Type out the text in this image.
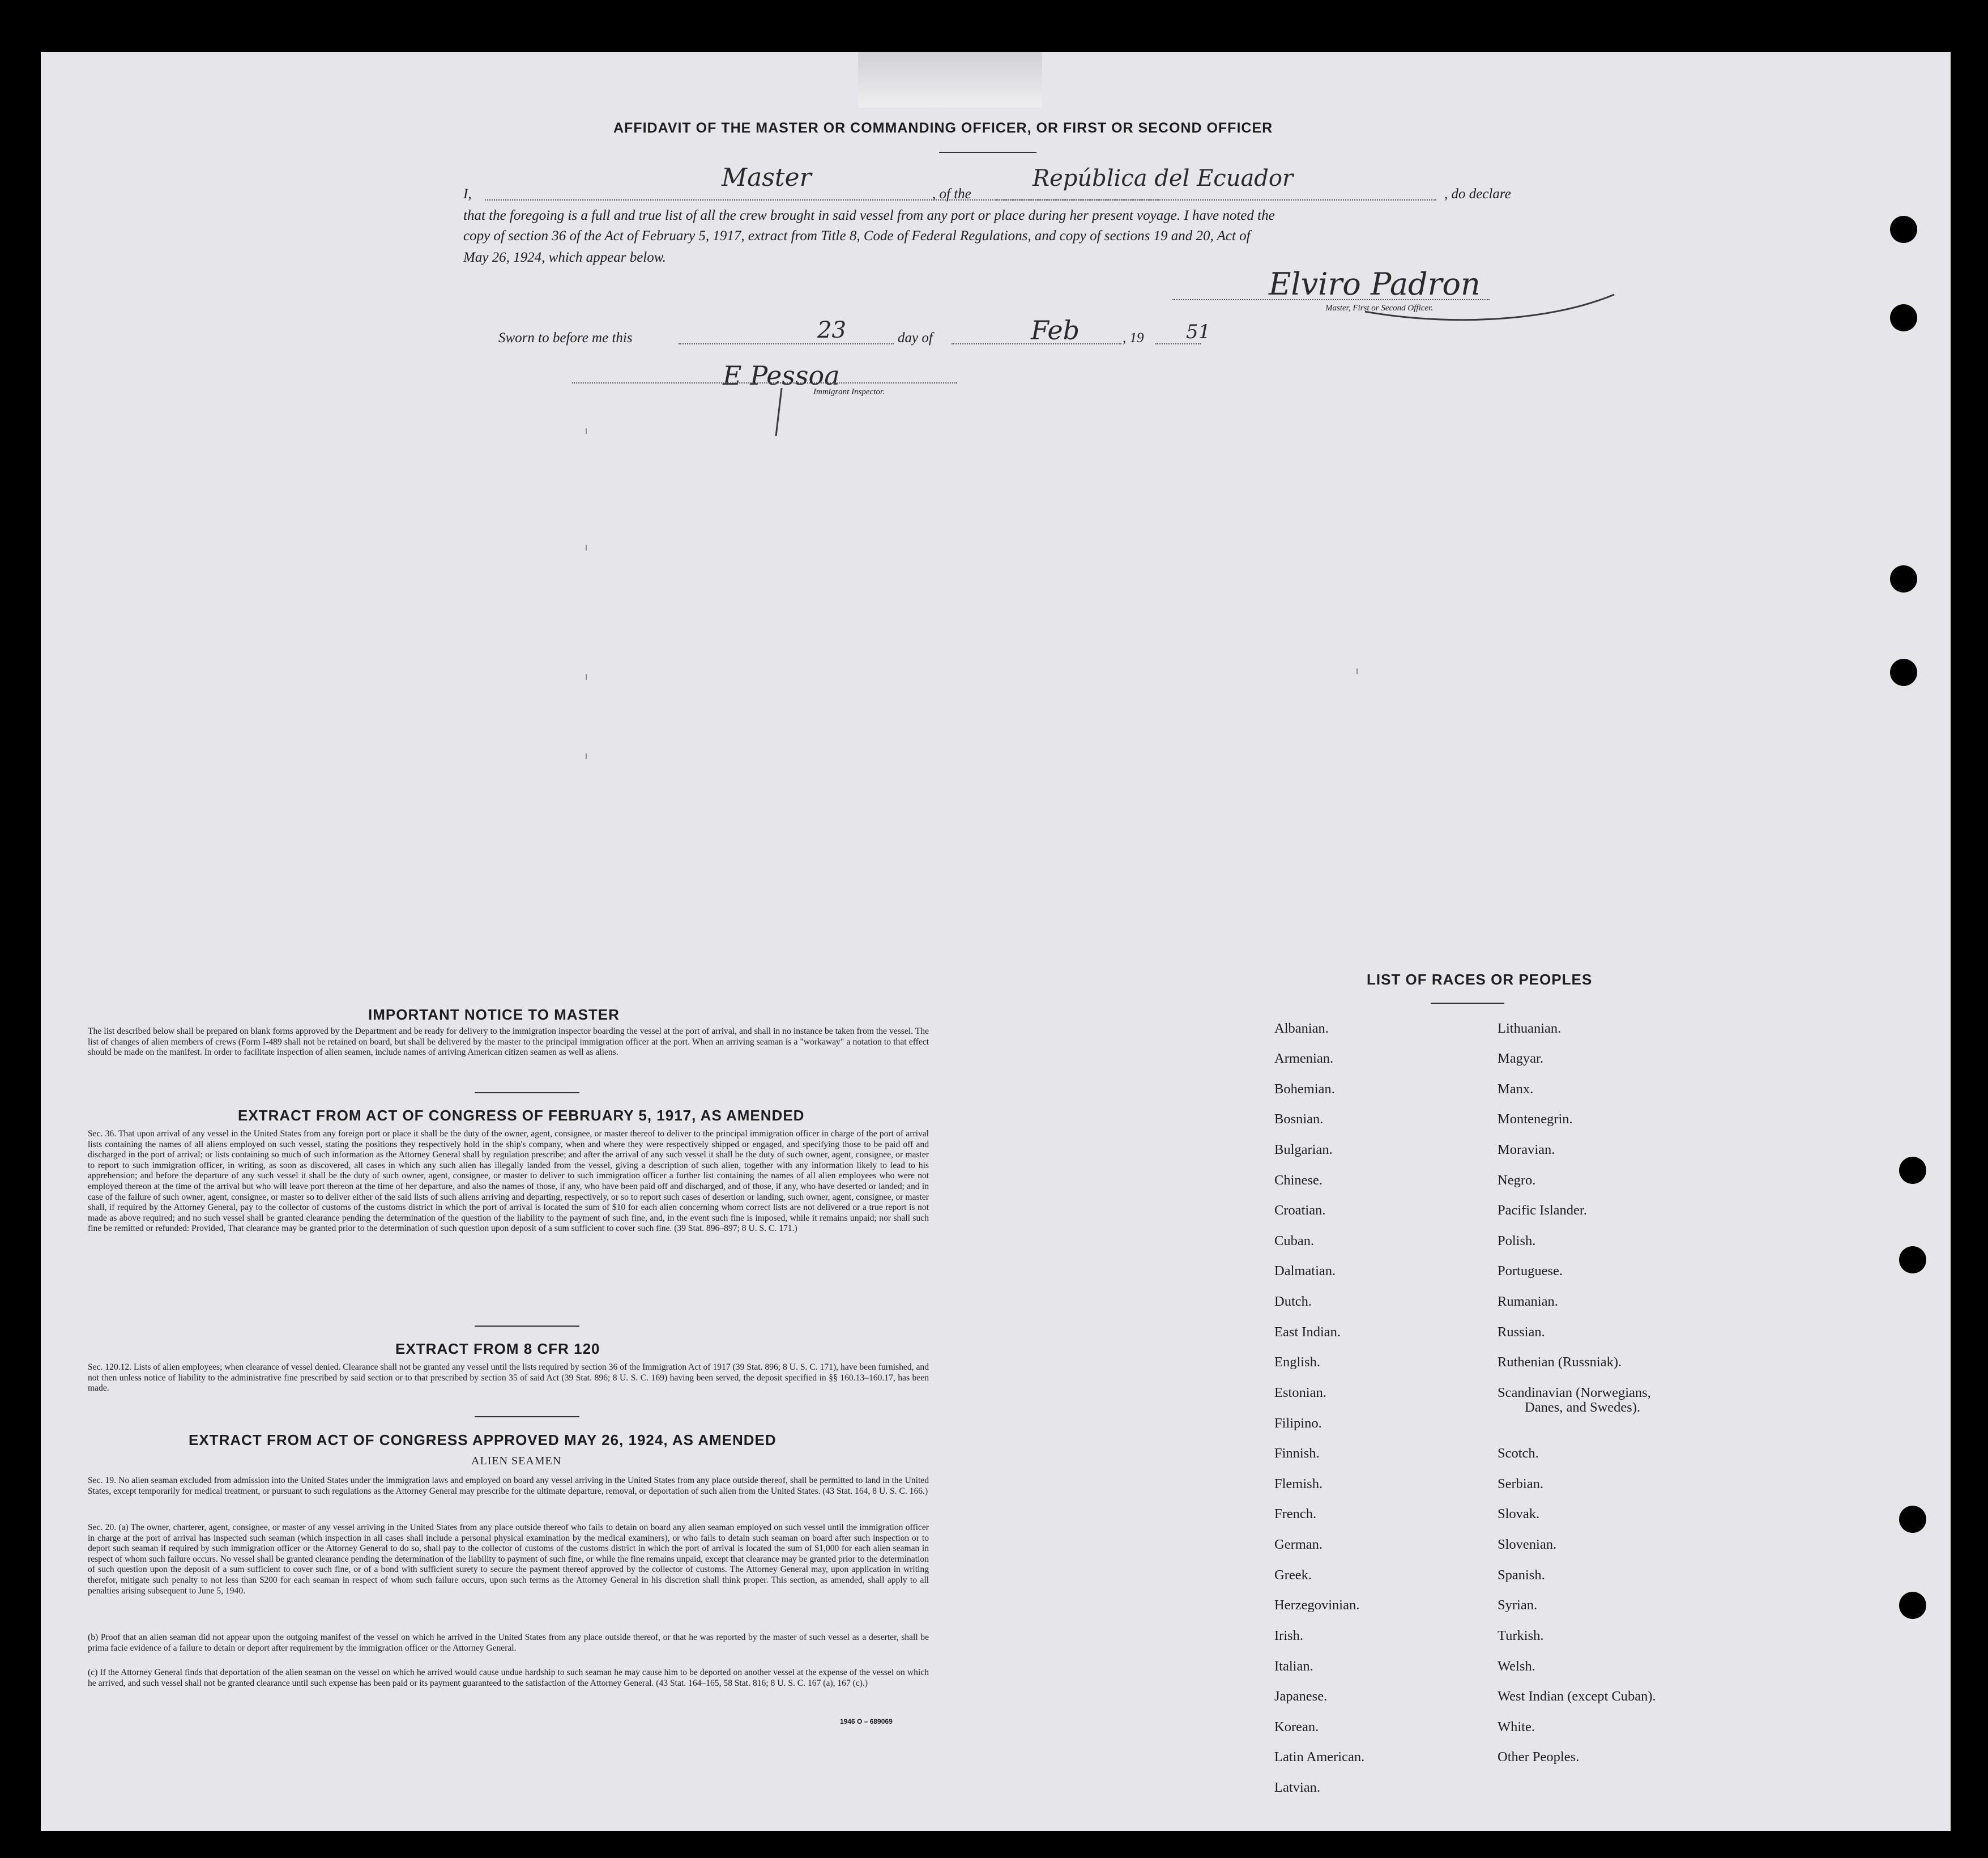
AFFIDAVIT OF THE MASTER OR COMMANDING OFFICER, OR FIRST OR SECOND OFFICER
I,	, of the	, do declare
Master	República del Ecuador
that the foregoing is a full and true list of all the crew brought in said vessel from any port or place during her present voyage. I have noted the
copy of section 36 of the Act of February 5, 1917, extract from Title 8, Code of Federal Regulations, and copy of sections 19 and 20, Act of
May 26, 1924, which appear below.
Elviro Padron
Master, First or Second Officer.
Sworn to before me this	day of	, 19
23	Feb	51
E Pessoa
Immigrant Inspector.
IMPORTANT NOTICE TO MASTER
The list described below shall be prepared on blank forms approved by the Department and be ready for delivery to the immigration inspector boarding the vessel at the port of arrival, and shall in no instance be taken from the vessel. The list of changes of alien members of crews (Form I-489 shall not be retained on board, but shall be delivered by the master to the principal immigration officer at the port. When an arriving seaman is a "workaway" a notation to that effect should be made on the manifest. In order to facilitate inspection of alien seamen, include names of arriving American citizen seamen as well as aliens.
EXTRACT FROM ACT OF CONGRESS OF FEBRUARY 5, 1917, AS AMENDED
Sec. 36. That upon arrival of any vessel in the United States from any foreign port or place it shall be the duty of the owner, agent, consignee, or master thereof to deliver to the principal immigration officer in charge of the port of arrival lists containing the names of all aliens employed on such vessel, stating the positions they respectively hold in the ship's company, when and where they were respectively shipped or engaged, and specifying those to be paid off and discharged in the port of arrival; or lists containing so much of such information as the Attorney General shall by regulation prescribe; and after the arrival of any such vessel it shall be the duty of such owner, agent, consignee, or master to report to such immigration officer, in writing, as soon as discovered, all cases in which any such alien has illegally landed from the vessel, giving a description of such alien, together with any information likely to lead to his apprehension; and before the departure of any such vessel it shall be the duty of such owner, agent, consignee, or master to deliver to such immigration officer a further list containing the names of all alien employees who were not employed thereon at the time of the arrival but who will leave port thereon at the time of her departure, and also the names of those, if any, who have been paid off and discharged, and of those, if any, who have deserted or landed; and in case of the failure of such owner, agent, consignee, or master so to deliver either of the said lists of such aliens arriving and departing, respectively, or so to report such cases of desertion or landing, such owner, agent, consignee, or master shall, if required by the Attorney General, pay to the collector of customs of the customs district in which the port of arrival is located the sum of $10 for each alien concerning whom correct lists are not delivered or a true report is not made as above required; and no such vessel shall be granted clearance pending the determination of the question of the liability to the payment of such fine, and, in the event such fine is imposed, while it remains unpaid; nor shall such fine be remitted or refunded: Provided, That clearance may be granted prior to the determination of such question upon deposit of a sum sufficient to cover such fine. (39 Stat. 896–897; 8 U. S. C. 171.)
EXTRACT FROM 8 CFR 120
Sec. 120.12. Lists of alien employees; when clearance of vessel denied. Clearance shall not be granted any vessel until the lists required by section 36 of the Immigration Act of 1917 (39 Stat. 896; 8 U. S. C. 171), have been furnished, and not then unless notice of liability to the administrative fine prescribed by said section or to that prescribed by section 35 of said Act (39 Stat. 896; 8 U. S. C. 169) having been served, the deposit specified in §§ 160.13–160.17, has been made.
EXTRACT FROM ACT OF CONGRESS APPROVED MAY 26, 1924, AS AMENDED
ALIEN SEAMEN
Sec. 19. No alien seaman excluded from admission into the United States under the immigration laws and employed on board any vessel arriving in the United States from any place outside thereof, shall be permitted to land in the United States, except temporarily for medical treatment, or pursuant to such regulations as the Attorney General may prescribe for the ultimate departure, removal, or deportation of such alien from the United States. (43 Stat. 164, 8 U. S. C. 166.)
Sec. 20. (a) The owner, charterer, agent, consignee, or master of any vessel arriving in the United States from any place outside thereof who fails to detain on board any alien seaman employed on such vessel until the immigration officer in charge at the port of arrival has inspected such seaman (which inspection in all cases shall include a personal physical examination by the medical examiners), or who fails to detain such seaman on board after such inspection or to deport such seaman if required by such immigration officer or the Attorney General to do so, shall pay to the collector of customs of the customs district in which the port of arrival is located the sum of $1,000 for each alien seaman in respect of whom such failure occurs. No vessel shall be granted clearance pending the determination of the liability to payment of such fine, or while the fine remains unpaid, except that clearance may be granted prior to the determination of such question upon the deposit of a sum sufficient to cover such fine, or of a bond with sufficient surety to secure the payment thereof approved by the collector of customs. The Attorney General may, upon application in writing therefor, mitigate such penalty to not less than $200 for each seaman in respect of whom such failure occurs, upon such terms as the Attorney General in his discretion shall think proper. This section, as amended, shall apply to all penalties arising subsequent to June 5, 1940.
(b) Proof that an alien seaman did not appear upon the outgoing manifest of the vessel on which he arrived in the United States from any place outside thereof, or that he was reported by the master of such vessel as a deserter, shall be prima facie evidence of a failure to detain or deport after requirement by the immigration officer or the Attorney General.
(c) If the Attorney General finds that deportation of the alien seaman on the vessel on which he arrived would cause undue hardship to such seaman he may cause him to be deported on another vessel at the expense of the vessel on which he arrived, and such vessel shall not be granted clearance until such expense has been paid or its payment guaranteed to the satisfaction of the Attorney General. (43 Stat. 164–165, 58 Stat. 816; 8 U. S. C. 167 (a), 167 (c).)
1946 O – 689069
LIST OF RACES OR PEOPLES
Albanian.
Armenian.
Bohemian.
Bosnian.
Bulgarian.
Chinese.
Croatian.
Cuban.
Dalmatian.
Dutch.
East Indian.
English.
Estonian.
Filipino.
Finnish.
Flemish.
French.
German.
Greek.
Herzegovinian.
Irish.
Italian.
Japanese.
Korean.
Latin American.
Latvian.
Lithuanian.
Magyar.
Manx.
Montenegrin.
Moravian.
Negro.
Pacific Islander.
Polish.
Portuguese.
Rumanian.
Russian.
Ruthenian (Russniak).
Scandinavian (Norwegians,
Danes, and Swedes).
Scotch.
Serbian.
Slovak.
Slovenian.
Spanish.
Syrian.
Turkish.
Welsh.
West Indian (except Cuban).
White.
Other Peoples.
